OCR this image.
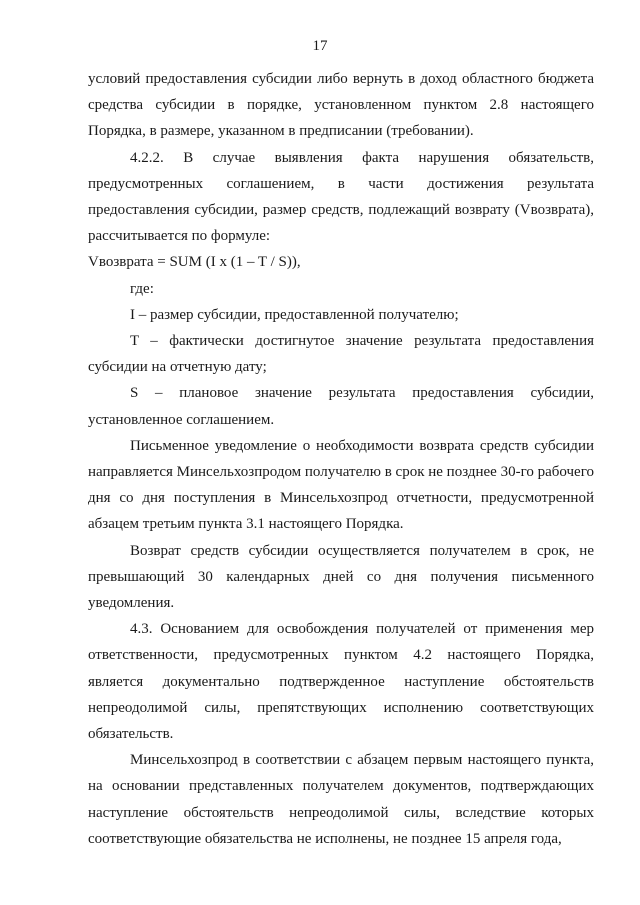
17

условий предоставления субсидии либо вернуть в доход областного бюджета средства субсидии в порядке, установленном пунктом 2.8 настоящего Порядка, в размере, указанном в предписании (требовании).

4.2.2. В случае выявления факта нарушения обязательств, предусмотренных соглашением, в части достижения результата предоставления субсидии, размер средств, подлежащий возврату (Vвозврата), рассчитывается по формуле:

Vвозврата = SUM (I x (1 – T / S)),

где:

I – размер субсидии, предоставленной получателю;

T – фактически достигнутое значение результата предоставления субсидии на отчетную дату;

S – плановое значение результата предоставления субсидии, установленное соглашением.

Письменное уведомление о необходимости возврата средств субсидии направляется Минсельхозпродом получателю в срок не позднее 30-го рабочего дня со дня поступления в Минсельхозпрод отчетности, предусмотренной абзацем третьим пункта 3.1 настоящего Порядка.

Возврат средств субсидии осуществляется получателем в срок, не превышающий 30 календарных дней со дня получения письменного уведомления.

4.3. Основанием для освобождения получателей от применения мер ответственности, предусмотренных пунктом 4.2 настоящего Порядка, является документально подтвержденное наступление обстоятельств непреодолимой силы, препятствующих исполнению соответствующих обязательств.

Минсельхозпрод в соответствии с абзацем первым настоящего пункта, на основании представленных получателем документов, подтверждающих наступление обстоятельств непреодолимой силы, вследствие которых соответствующие обязательства не исполнены, не позднее 15 апреля года,
